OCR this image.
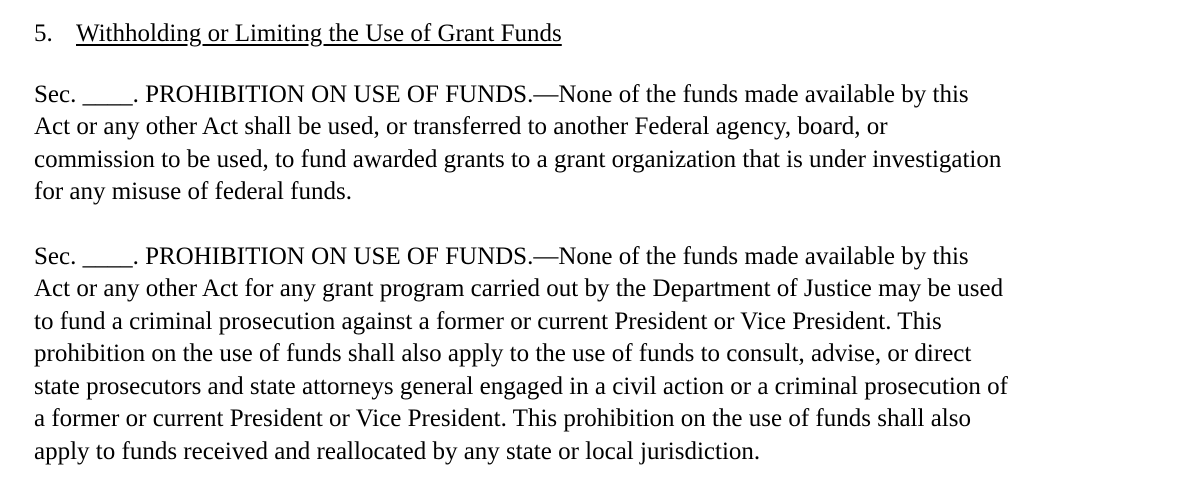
5. Withholding or Limiting the Use of Grant Funds
Sec. ____. PROHIBITION ON USE OF FUNDS.—None of the funds made available by this
Act or any other Act shall be used, or transferred to another Federal agency, board, or
commission to be used, to fund awarded grants to a grant organization that is under investigation
for any misuse of federal funds.
Sec. ____. PROHIBITION ON USE OF FUNDS.—None of the funds made available by this
Act or any other Act for any grant program carried out by the Department of Justice may be used
to fund a criminal prosecution against a former or current President or Vice President. This
prohibition on the use of funds shall also apply to the use of funds to consult, advise, or direct
state prosecutors and state attorneys general engaged in a civil action or a criminal prosecution of
a former or current President or Vice President. This prohibition on the use of funds shall also
apply to funds received and reallocated by any state or local jurisdiction.
